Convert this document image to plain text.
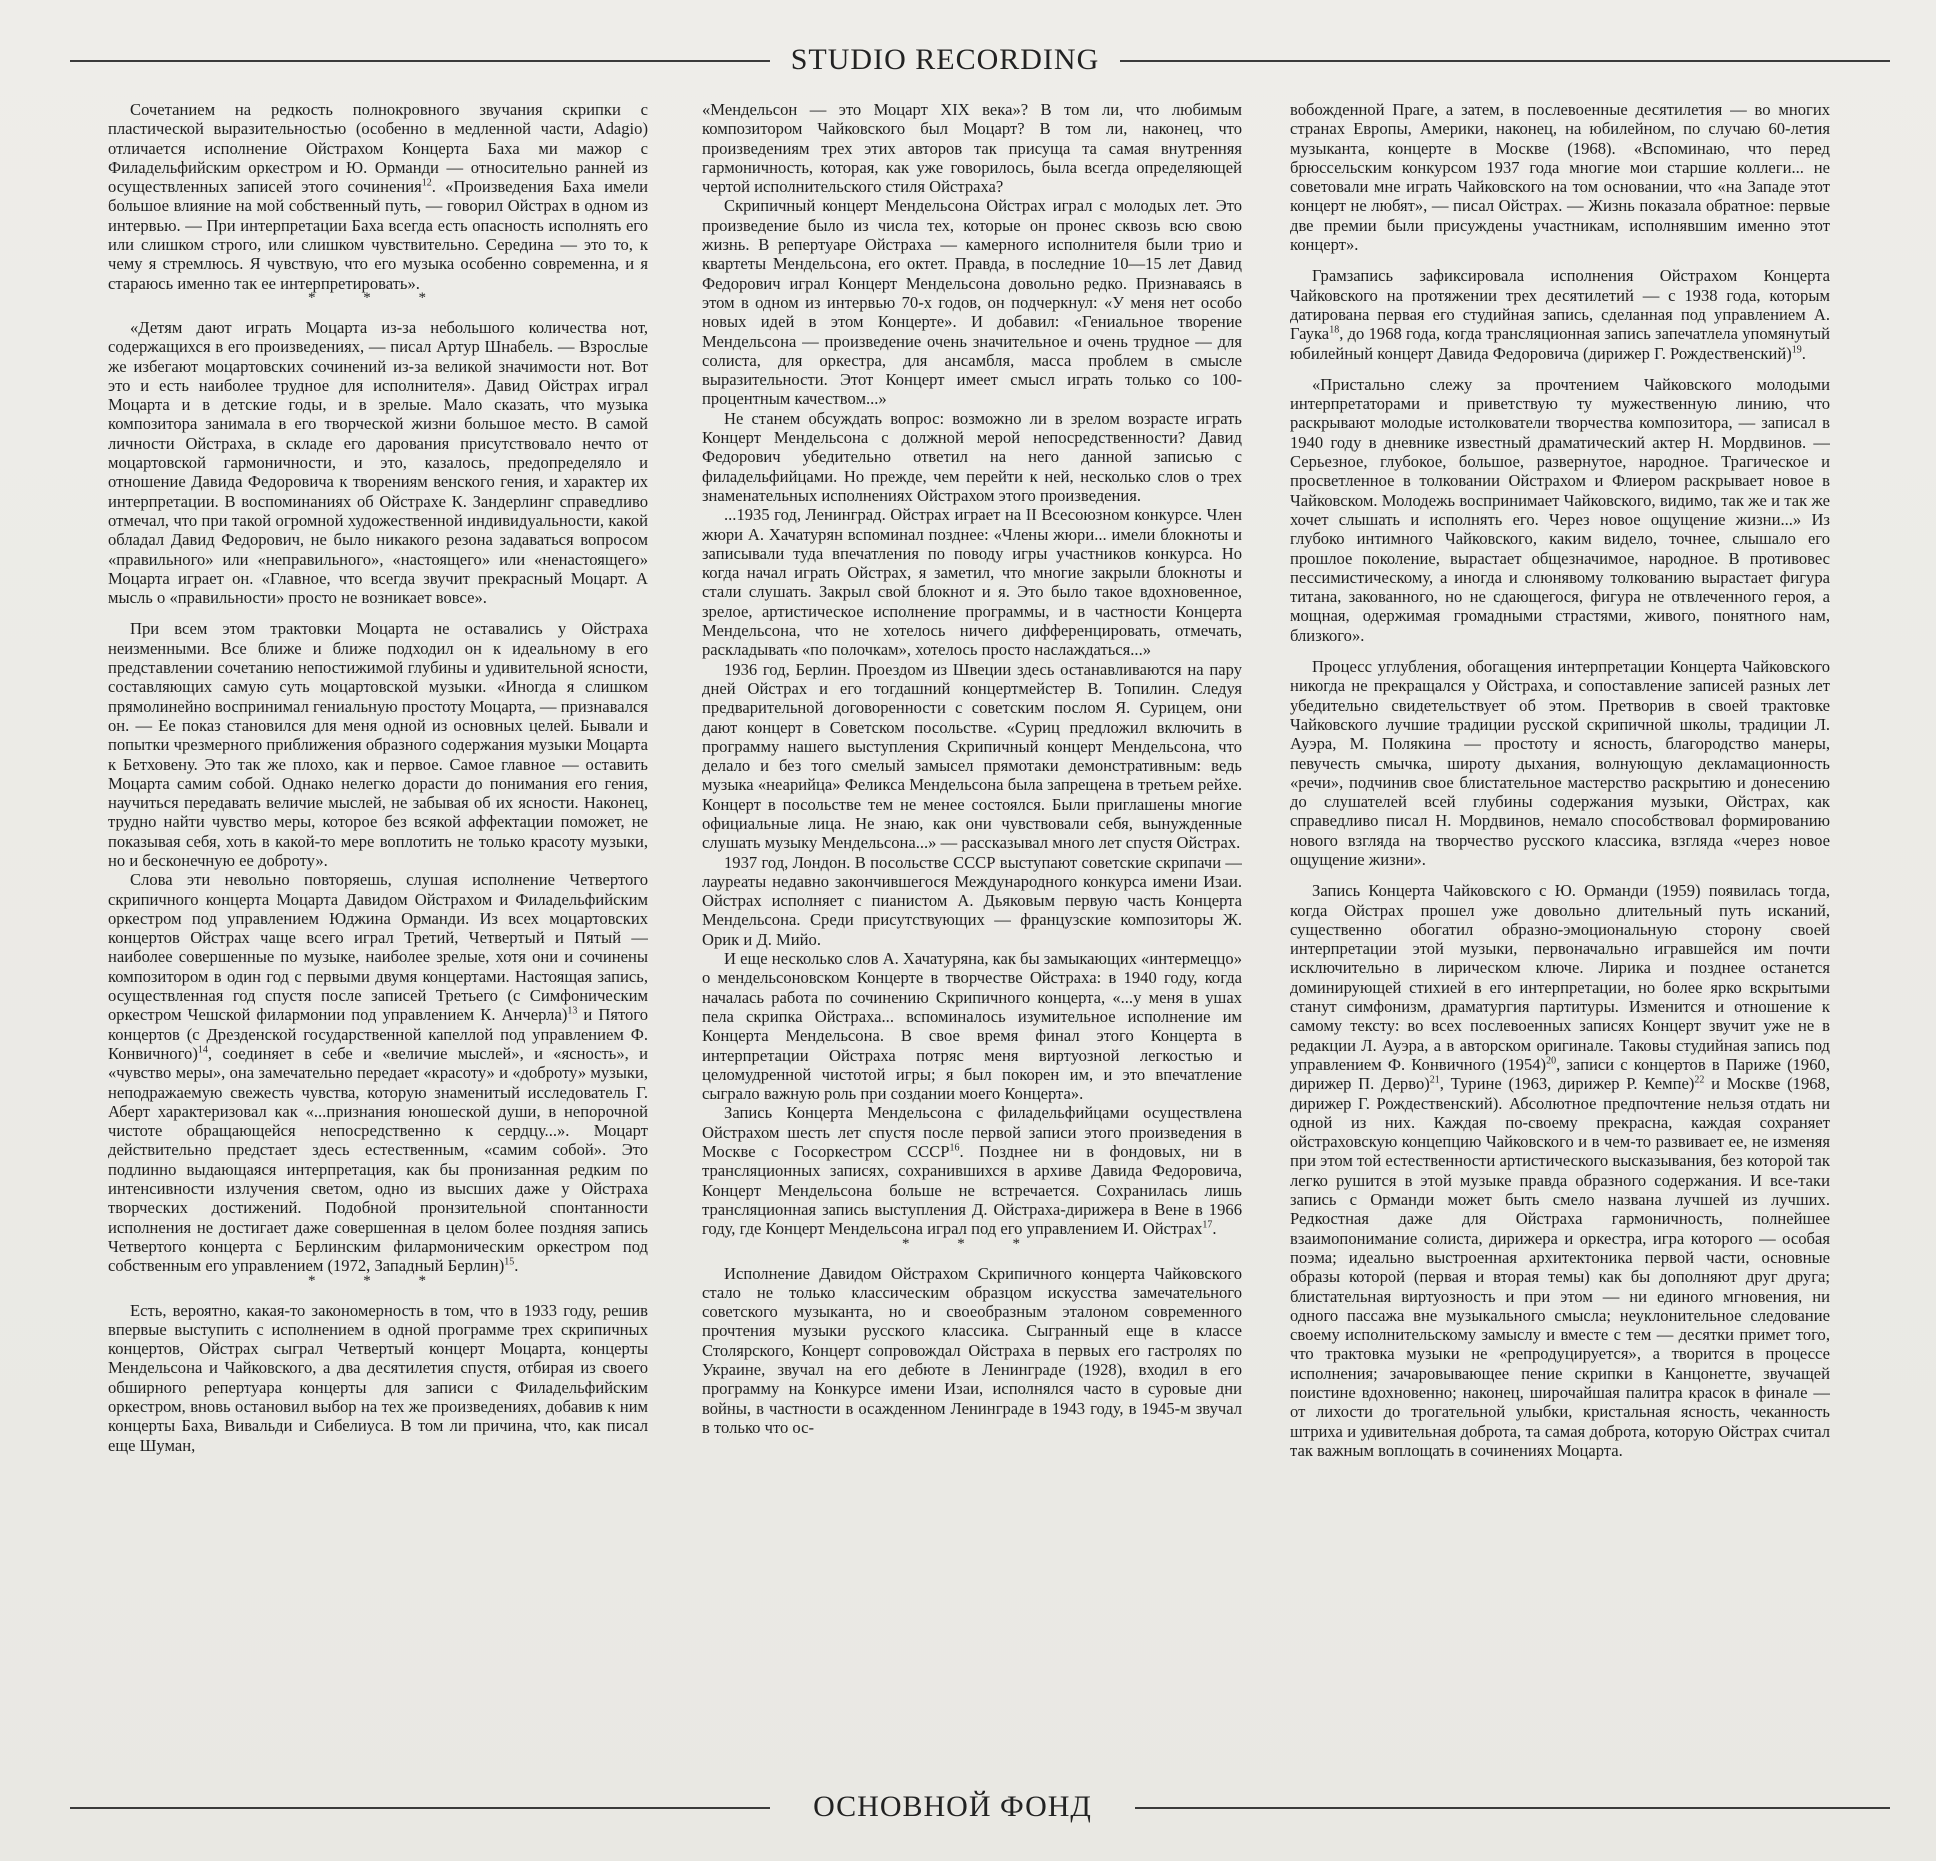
STUDIO RECORDING

Сочетанием на редкость полнокровного звучания скрипки с пластической выразительностью (особенно в медленной части, Adagio) отличается исполнение Ойстрахом Концерта Баха ми мажор с Филадельфийским оркестром и Ю. Орманди — относительно ранней из осуществленных записей этого сочинения$^{12}$. «Произведения Баха имели большое влияние на мой собственный путь, — говорил Ойстрах в одном из интервью. — При интерпретации Баха всегда есть опасность исполнять его или слишком строго, или слишком чувствительно. Середина — это то, к чему я стремлюсь. Я чувствую, что его музыка особенно современна, и я стараюсь именно так ее интерпретировать».

* * *

«Детям дают играть Моцарта из-за небольшого количества нот, содержащихся в его произведениях, — писал Артур Шнабель. — Взрослые же избегают моцартовских сочинений из-за великой значимости нот. Вот это и есть наиболее трудное для исполнителя». Давид Ойстрах играл Моцарта и в детские годы, и в зрелые. Мало сказать, что музыка композитора занимала в его творческой жизни большое место. В самой личности Ойстраха, в складе его дарования присутствовало нечто от моцартовской гармоничности, и это, казалось, предопределяло и отношение Давида Федоровича к творениям венского гения, и характер их интерпретации. В воспоминаниях об Ойстрахе К. Зандерлинг справедливо отмечал, что при такой огромной художественной индивидуальности, какой обладал Давид Федорович, не было никакого резона задаваться вопросом «правильного» или «неправильного», «настоящего» или «ненастоящего» Моцарта играет он. «Главное, что всегда звучит прекрасный Моцарт. А мысль о «правильности» просто не возникает вовсе».

При всем этом трактовки Моцарта не оставались у Ойстраха неизменными. Все ближе и ближе подходил он к идеальному в его представлении сочетанию непостижимой глубины и удивительной ясности, составляющих самую суть моцартовской музыки. «Иногда я слишком прямолинейно воспринимал гениальную простоту Моцарта, — признавался он. — Ее показ становился для меня одной из основных целей. Бывали и попытки чрезмерного приближения образного содержания музыки Моцарта к Бетховену. Это так же плохо, как и первое. Самое главное — оставить Моцарта самим собой. Однако нелегко дорасти до понимания его гения, научиться передавать величие мыслей, не забывая об их ясности. Наконец, трудно найти чувство меры, которое без всякой аффектации поможет, не показывая себя, хоть в какой-то мере воплотить не только красоту музыки, но и бесконечную ее доброту».

Слова эти невольно повторяешь, слушая исполнение Четвертого скрипичного концерта Моцарта Давидом Ойстрахом и Филадельфийским оркестром под управлением Юджина Орманди. Из всех моцартовских концертов Ойстрах чаще всего играл Третий, Четвертый и Пятый — наиболее совершенные по музыке, наиболее зрелые, хотя они и сочинены композитором в один год с первыми двумя концертами. Настоящая запись, осуществленная год спустя после записей Третьего (с Симфоническим оркестром Чешской филармонии под управлением К. Анчерла)$^{13}$ и Пятого концертов (с Дрезденской государственной капеллой под управлением Ф. Конвичного)$^{14}$, соединяет в себе и «величие мыслей», и «ясность», и «чувство меры», она замечательно передает «красоту» и «доброту» музыки, неподражаемую свежесть чувства, которую знаменитый исследователь Г. Аберт характеризовал как «...признания юношеской души, в непорочной чистоте обращающейся непосредственно к сердцу...». Моцарт действительно предстает здесь естественным, «самим собой». Это подлинно выдающаяся интерпретация, как бы пронизанная редким по интенсивности излучения светом, одно из высших даже у Ойстраха творческих достижений. Подобной пронзительной спонтанности исполнения не достигает даже совершенная в целом более поздняя запись Четвертого концерта с Берлинским филармоническим оркестром под собственным его управлением (1972, Западный Берлин)$^{15}$.

* * *

Есть, вероятно, какая-то закономерность в том, что в 1933 году, решив впервые выступить с исполнением в одной программе трех скрипичных концертов, Ойстрах сыграл Четвертый концерт Моцарта, концерты Мендельсона и Чайковского, а два десятилетия спустя, отбирая из своего обширного репертуара концерты для записи с Филадельфийским оркестром, вновь остановил выбор на тех же произведениях, добавив к ним концерты Баха, Вивальди и Сибелиуса. В том ли причина, что, как писал еще Шуман,

«Мендельсон — это Моцарт XIX века»? В том ли, что любимым композитором Чайковского был Моцарт? В том ли, наконец, что произведениям трех этих авторов так присуща та самая внутренняя гармоничность, которая, как уже говорилось, была всегда определяющей чертой исполнительского стиля Ойстраха?

Скрипичный концерт Мендельсона Ойстрах играл с молодых лет. Это произведение было из числа тех, которые он пронес сквозь всю свою жизнь. В репертуаре Ойстраха — камерного исполнителя были трио и квартеты Мендельсона, его октет. Правда, в последние 10—15 лет Давид Федорович играл Концерт Мендельсона довольно редко. Признаваясь в этом в одном из интервью 70-х годов, он подчеркнул: «У меня нет особо новых идей в этом Концерте». И добавил: «Гениальное творение Мендельсона — произведение очень значительное и очень трудное — для солиста, для оркестра, для ансамбля, масса проблем в смысле выразительности. Этот Концерт имеет смысл играть только со 100-процентным качеством...»

Не станем обсуждать вопрос: возможно ли в зрелом возрасте играть Концерт Мендельсона с должной мерой непосредственности? Давид Федорович убедительно ответил на него данной записью с филадельфийцами. Но прежде, чем перейти к ней, несколько слов о трех знаменательных исполнениях Ойстрахом этого произведения.

...1935 год, Ленинград. Ойстрах играет на II Всесоюзном конкурсе. Член жюри А. Хачатурян вспоминал позднее: «Члены жюри... имели блокноты и записывали туда впечатления по поводу игры участников конкурса. Но когда начал играть Ойстрах, я заметил, что многие закрыли блокноты и стали слушать. Закрыл свой блокнот и я. Это было такое вдохновенное, зрелое, артистическое исполнение программы, и в частности Концерта Мендельсона, что не хотелось ничего дифференцировать, отмечать, раскладывать «по полочкам», хотелось просто наслаждаться...»

1936 год, Берлин. Проездом из Швеции здесь останавливаются на пару дней Ойстрах и его тогдашний концертмейстер В. Топилин. Следуя предварительной договоренности с советским послом Я. Сурицем, они дают концерт в Советском посольстве. «Суриц предложил включить в программу нашего выступления Скрипичный концерт Мендельсона, что делало и без того смелый замысел прямотаки демонстративным: ведь музыка «неарийца» Феликса Мендельсона была запрещена в третьем рейхе. Концерт в посольстве тем не менее состоялся. Были приглашены многие официальные лица. Не знаю, как они чувствовали себя, вынужденные слушать музыку Мендельсона...» — рассказывал много лет спустя Ойстрах.

1937 год, Лондон. В посольстве СССР выступают советские скрипачи — лауреаты недавно закончившегося Международного конкурса имени Изаи. Ойстрах исполняет с пианистом А. Дьяковым первую часть Концерта Мендельсона. Среди присутствующих — французские композиторы Ж. Орик и Д. Мийо.

И еще несколько слов А. Хачатуряна, как бы замыкающих «интермеццо» о мендельсоновском Концерте в творчестве Ойстраха: в 1940 году, когда началась работа по сочинению Скрипичного концерта, «...у меня в ушах пела скрипка Ойстраха... вспоминалось изумительное исполнение им Концерта Мендельсона. В свое время финал этого Концерта в интерпретации Ойстраха потряс меня виртуозной легкостью и целомудренной чистотой игры; я был покорен им, и это впечатление сыграло важную роль при создании моего Концерта».

Запись Концерта Мендельсона с филадельфийцами осуществлена Ойстрахом шесть лет спустя после первой записи этого произведения в Москве с Госоркестром СССР$^{16}$. Позднее ни в фондовых, ни в трансляционных записях, сохранившихся в архиве Давида Федоровича, Концерт Мендельсона больше не встречается. Сохранилась лишь трансляционная запись выступления Д. Ойстраха-дирижера в Вене в 1966 году, где Концерт Мендельсона играл под его управлением И. Ойстрах$^{17}$.

* * *

Исполнение Давидом Ойстрахом Скрипичного концерта Чайковского стало не только классическим образцом искусства замечательного советского музыканта, но и своеобразным эталоном современного прочтения музыки русского классика. Сыгранный еще в классе Столярского, Концерт сопровождал Ойстраха в первых его гастролях по Украине, звучал на его дебюте в Ленинграде (1928), входил в его программу на Конкурсе имени Изаи, исполнялся часто в суровые дни войны, в частности в осажденном Ленинграде в 1943 году, в 1945-м звучал в только что ос-

вобожденной Праге, а затем, в послевоенные десятилетия — во многих странах Европы, Америки, наконец, на юбилейном, по случаю 60-летия музыканта, концерте в Москве (1968). «Вспоминаю, что перед брюссельским конкурсом 1937 года многие мои старшие коллеги... не советовали мне играть Чайковского на том основании, что «на Западе этот концерт не любят», — писал Ойстрах. — Жизнь показала обратное: первые две премии были присуждены участникам, исполнявшим именно этот концерт».

Грамзапись зафиксировала исполнения Ойстрахом Концерта Чайковского на протяжении трех десятилетий — с 1938 года, которым датирована первая его студийная запись, сделанная под управлением А. Гаука$^{18}$, до 1968 года, когда трансляционная запись запечатлела упомянутый юбилейный концерт Давида Федоровича (дирижер Г. Рождественский)$^{19}$.

«Пристально слежу за прочтением Чайковского молодыми интерпретаторами и приветствую ту мужественную линию, что раскрывают молодые истолкователи творчества композитора, — записал в 1940 году в дневнике известный драматический актер Н. Мордвинов. — Серьезное, глубокое, большое, развернутое, народное. Трагическое и просветленное в толковании Ойстрахом и Флиером раскрывает новое в Чайковском. Молодежь воспринимает Чайковского, видимо, так же и так же хочет слышать и исполнять его. Через новое ощущение жизни...» Из глубоко интимного Чайковского, каким видело, точнее, слышало его прошлое поколение, вырастает общезначимое, народное. В противовес пессимистическому, а иногда и слюнявому толкованию вырастает фигура титана, закованного, но не сдающегося, фигура не отвлеченного героя, а мощная, одержимая громадными страстями, живого, понятного нам, близкого».

Процесс углубления, обогащения интерпретации Концерта Чайковского никогда не прекращался у Ойстраха, и сопоставление записей разных лет убедительно свидетельствует об этом. Претворив в своей трактовке Чайковского лучшие традиции русской скрипичной школы, традиции Л. Ауэра, М. Полякина — простоту и ясность, благородство манеры, певучесть смычка, широту дыхания, волнующую декламационность «речи», подчинив свое блистательное мастерство раскрытию и донесению до слушателей всей глубины содержания музыки, Ойстрах, как справедливо писал Н. Мордвинов, немало способствовал формированию нового взгляда на творчество русского классика, взгляда «через новое ощущение жизни».

Запись Концерта Чайковского с Ю. Орманди (1959) появилась тогда, когда Ойстрах прошел уже довольно длительный путь исканий, существенно обогатил образно-эмоциональную сторону своей интерпретации этой музыки, первоначально игравшейся им почти исключительно в лирическом ключе. Лирика и позднее останется доминирующей стихией в его интерпретации, но более ярко вскрытыми станут симфонизм, драматургия партитуры. Изменится и отношение к самому тексту: во всех послевоенных записях Концерт звучит уже не в редакции Л. Ауэра, а в авторском оригинале. Таковы студийная запись под управлением Ф. Конвичного $(1954)^{20}$, записи с концертов в Париже (1960, дирижер П. Дерво)$^{21}$, Турине (1963, дирижер Р. Кемпе)$^{22}$ и Москве (1968, дирижер Г. Рождественский). Абсолютное предпочтение нельзя отдать ни одной из них. Каждая по-своему прекрасна, каждая сохраняет ойстраховскую концепцию Чайковского и в чем-то развивает ее, не изменяя при этом той естественности артистического высказывания, без которой так легко рушится в этой музыке правда образного содержания. И все-таки запись с Орманди может быть смело названа лучшей из лучших. Редкостная даже для Ойстраха гармоничность, полнейшее взаимопонимание солиста, дирижера и оркестра, игра которого — особая поэма; идеально выстроенная архитектоника первой части, основные образы которой (первая и вторая темы) как бы дополняют друг друга; блистательная виртуозность и при этом — ни единого мгновения, ни одного пассажа вне музыкального смысла; неуклонительное следование своему исполнительскому замыслу и вместе с тем — десятки примет того, что трактовка музыки не «репродуцируется», а творится в процессе исполнения; зачаровывающее пение скрипки в Канцонетте, звучащей поистине вдохновенно; наконец, широчайшая палитра красок в финале — от лихости до трогательной улыбки, кристальная ясность, чеканность штриха и удивительная доброта, та самая доброта, которую Ойстрах считал так важным воплощать в сочинениях Моцарта.

ОСНОВНОЙ ФОНД
